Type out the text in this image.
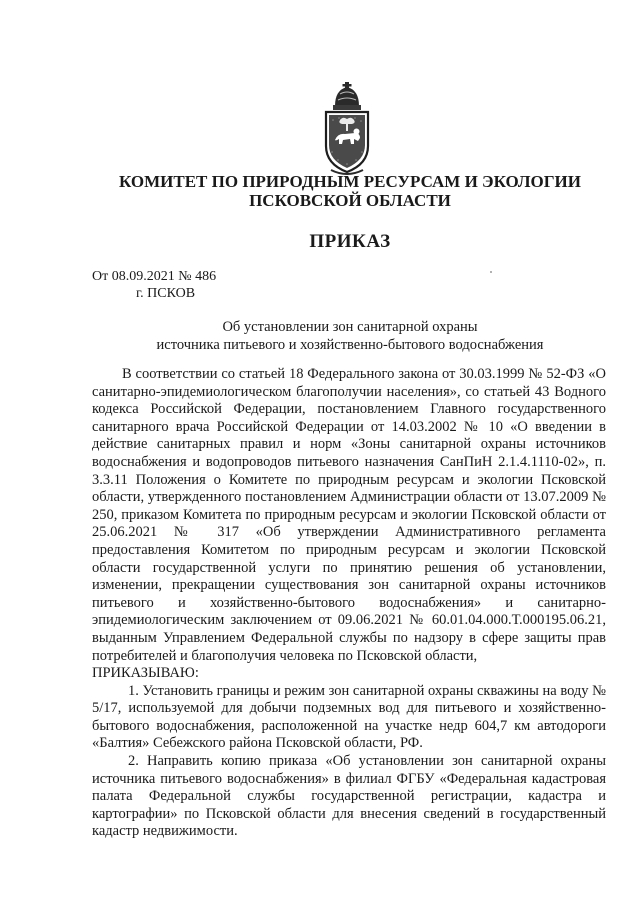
КОМИТЕТ ПО ПРИРОДНЫМ РЕСУРСАМ И ЭКОЛОГИИ
ПСКОВСКОЙ ОБЛАСТИ

ПРИКАЗ

От 08.09.2021 № 486
г. ПСКОВ
Об установлении зон санитарной охраны
источника питьевого и хозяйственно-бытового водоснабжения

В соответствии со статьей 18 Федерального закона от 30.03.1999 № 52-ФЗ «О санитарно-эпидемиологическом благополучии населения», со статьей 43 Водного кодекса Российской Федерации, постановлением Главного государственного санитарного врача Российской Федерации от 14.03.2002 № 10 «О введении в действие санитарных правил и норм «Зоны санитарной охраны источников водоснабжения и водопроводов питьевого назначения СанПиН 2.1.4.1110-02», п. 3.3.11 Положения о Комитете по природным ресурсам и экологии Псковской области, утвержденного постановлением Администрации области от 13.07.2009 № 250, приказом Комитета по природным ресурсам и экологии Псковской области от 25.06.2021 № 317 «Об утверждении Административного регламента предоставления Комитетом по природным ресурсам и экологии Псковской области государственной услуги по принятию решения об установлении, изменении, прекращении существования зон санитарной охраны источников питьевого и хозяйственно-бытового водоснабжения» и санитарно-эпидемиологическим заключением от 09.06.2021 № 60.01.04.000.Т.000195.06.21, выданным Управлением Федеральной службы по надзору в сфере защиты прав потребителей и благополучия человека по Псковской области,

ПРИКАЗЫВАЮ:

1. Установить границы и режим зон санитарной охраны скважины на воду № 5/17, используемой для добычи подземных вод для питьевого и хозяйственно-бытового водоснабжения, расположенной на участке недр 604,7 км автодороги «Балтия» Себежского района Псковской области, РФ.

2. Направить копию приказа «Об установлении зон санитарной охраны источника питьевого водоснабжения» в филиал ФГБУ «Федеральная кадастровая палата Федеральной службы государственной регистрации, кадастра и картографии» по Псковской области для внесения сведений в государственный кадастр недвижимости.
